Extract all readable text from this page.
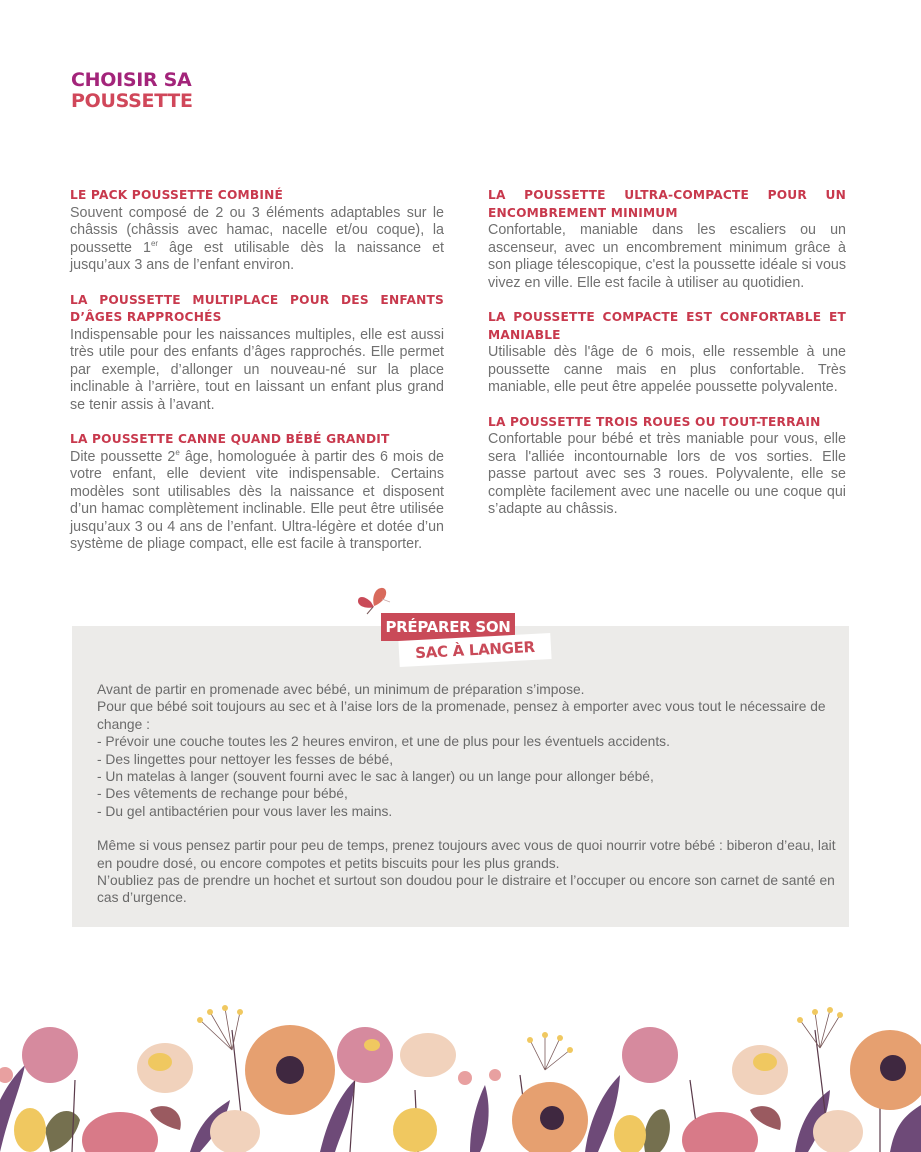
CHOISIR SA
POUSSETTE
LE PACK POUSSETTE COMBINÉ

Souvent composé de 2 ou 3 éléments adaptables sur le châssis (châssis avec hamac, nacelle et/ou coque), la poussette 1er âge est utilisable dès la naissance et jusqu’aux 3 ans de l’enfant environ.

LA POUSSETTE MULTIPLACE POUR DES ENFANTS D’ÂGES RAPPROCHÉS

Indispensable pour les naissances multiples, elle est aussi très utile pour des enfants d’âges rapprochés. Elle permet par exemple, d’allonger un nouveau-né sur la place inclinable à l’arrière, tout en laissant un enfant plus grand se tenir assis à l’avant.

LA POUSSETTE CANNE QUAND BÉBÉ GRANDIT

Dite poussette 2e âge, homologuée à partir des 6 mois de votre enfant, elle devient vite indispensable. Certains modèles sont utilisables dès la naissance et disposent d’un hamac complètement inclinable. Elle peut être utilisée jusqu’aux 3 ou 4 ans de l’enfant. Ultra-légère et dotée d’un système de pliage compact, elle est facile à transporter.

LA POUSSETTE ULTRA-COMPACTE POUR UN ENCOMBREMENT MINIMUM

Confortable, maniable dans les escaliers ou un ascenseur, avec un encombrement minimum grâce à son pliage télescopique, c'est la poussette idéale si vous vivez en ville. Elle est facile à utiliser au quotidien.

LA POUSSETTE COMPACTE EST CONFORTABLE ET MANIABLE

Utilisable dès l'âge de 6 mois, elle ressemble à une poussette canne mais en plus confortable. Très maniable, elle peut être appelée poussette polyvalente.

LA POUSSETTE TROIS ROUES OU TOUT-TERRAIN

Confortable pour bébé et très maniable pour vous, elle sera l'alliée incontournable lors de vos sorties. Elle passe partout avec ses 3 roues. Polyvalente, elle se complète facilement avec une nacelle ou une coque qui s’adapte au châssis.

PRÉPARER SON
SAC À LANGER

Avant de partir en promenade avec bébé, un minimum de préparation s’impose.

Pour que bébé soit toujours au sec et à l’aise lors de la promenade, pensez à emporter avec vous tout le nécessaire de change :

- Prévoir une couche toutes les 2 heures environ, et une de plus pour les éventuels accidents.

- Des lingettes pour nettoyer les fesses de bébé,

- Un matelas à langer (souvent fourni avec le sac à langer) ou un lange pour allonger bébé,

- Des vêtements de rechange pour bébé,

- Du gel antibactérien pour vous laver les mains.

Même si vous pensez partir pour peu de temps, prenez toujours avec vous de quoi nourrir votre bébé : biberon d’eau, lait en poudre dosé, ou encore compotes et petits biscuits pour les plus grands.

N’oubliez pas de prendre un hochet et surtout son doudou pour le distraire et l’occuper ou encore son carnet de santé en cas d’urgence.
